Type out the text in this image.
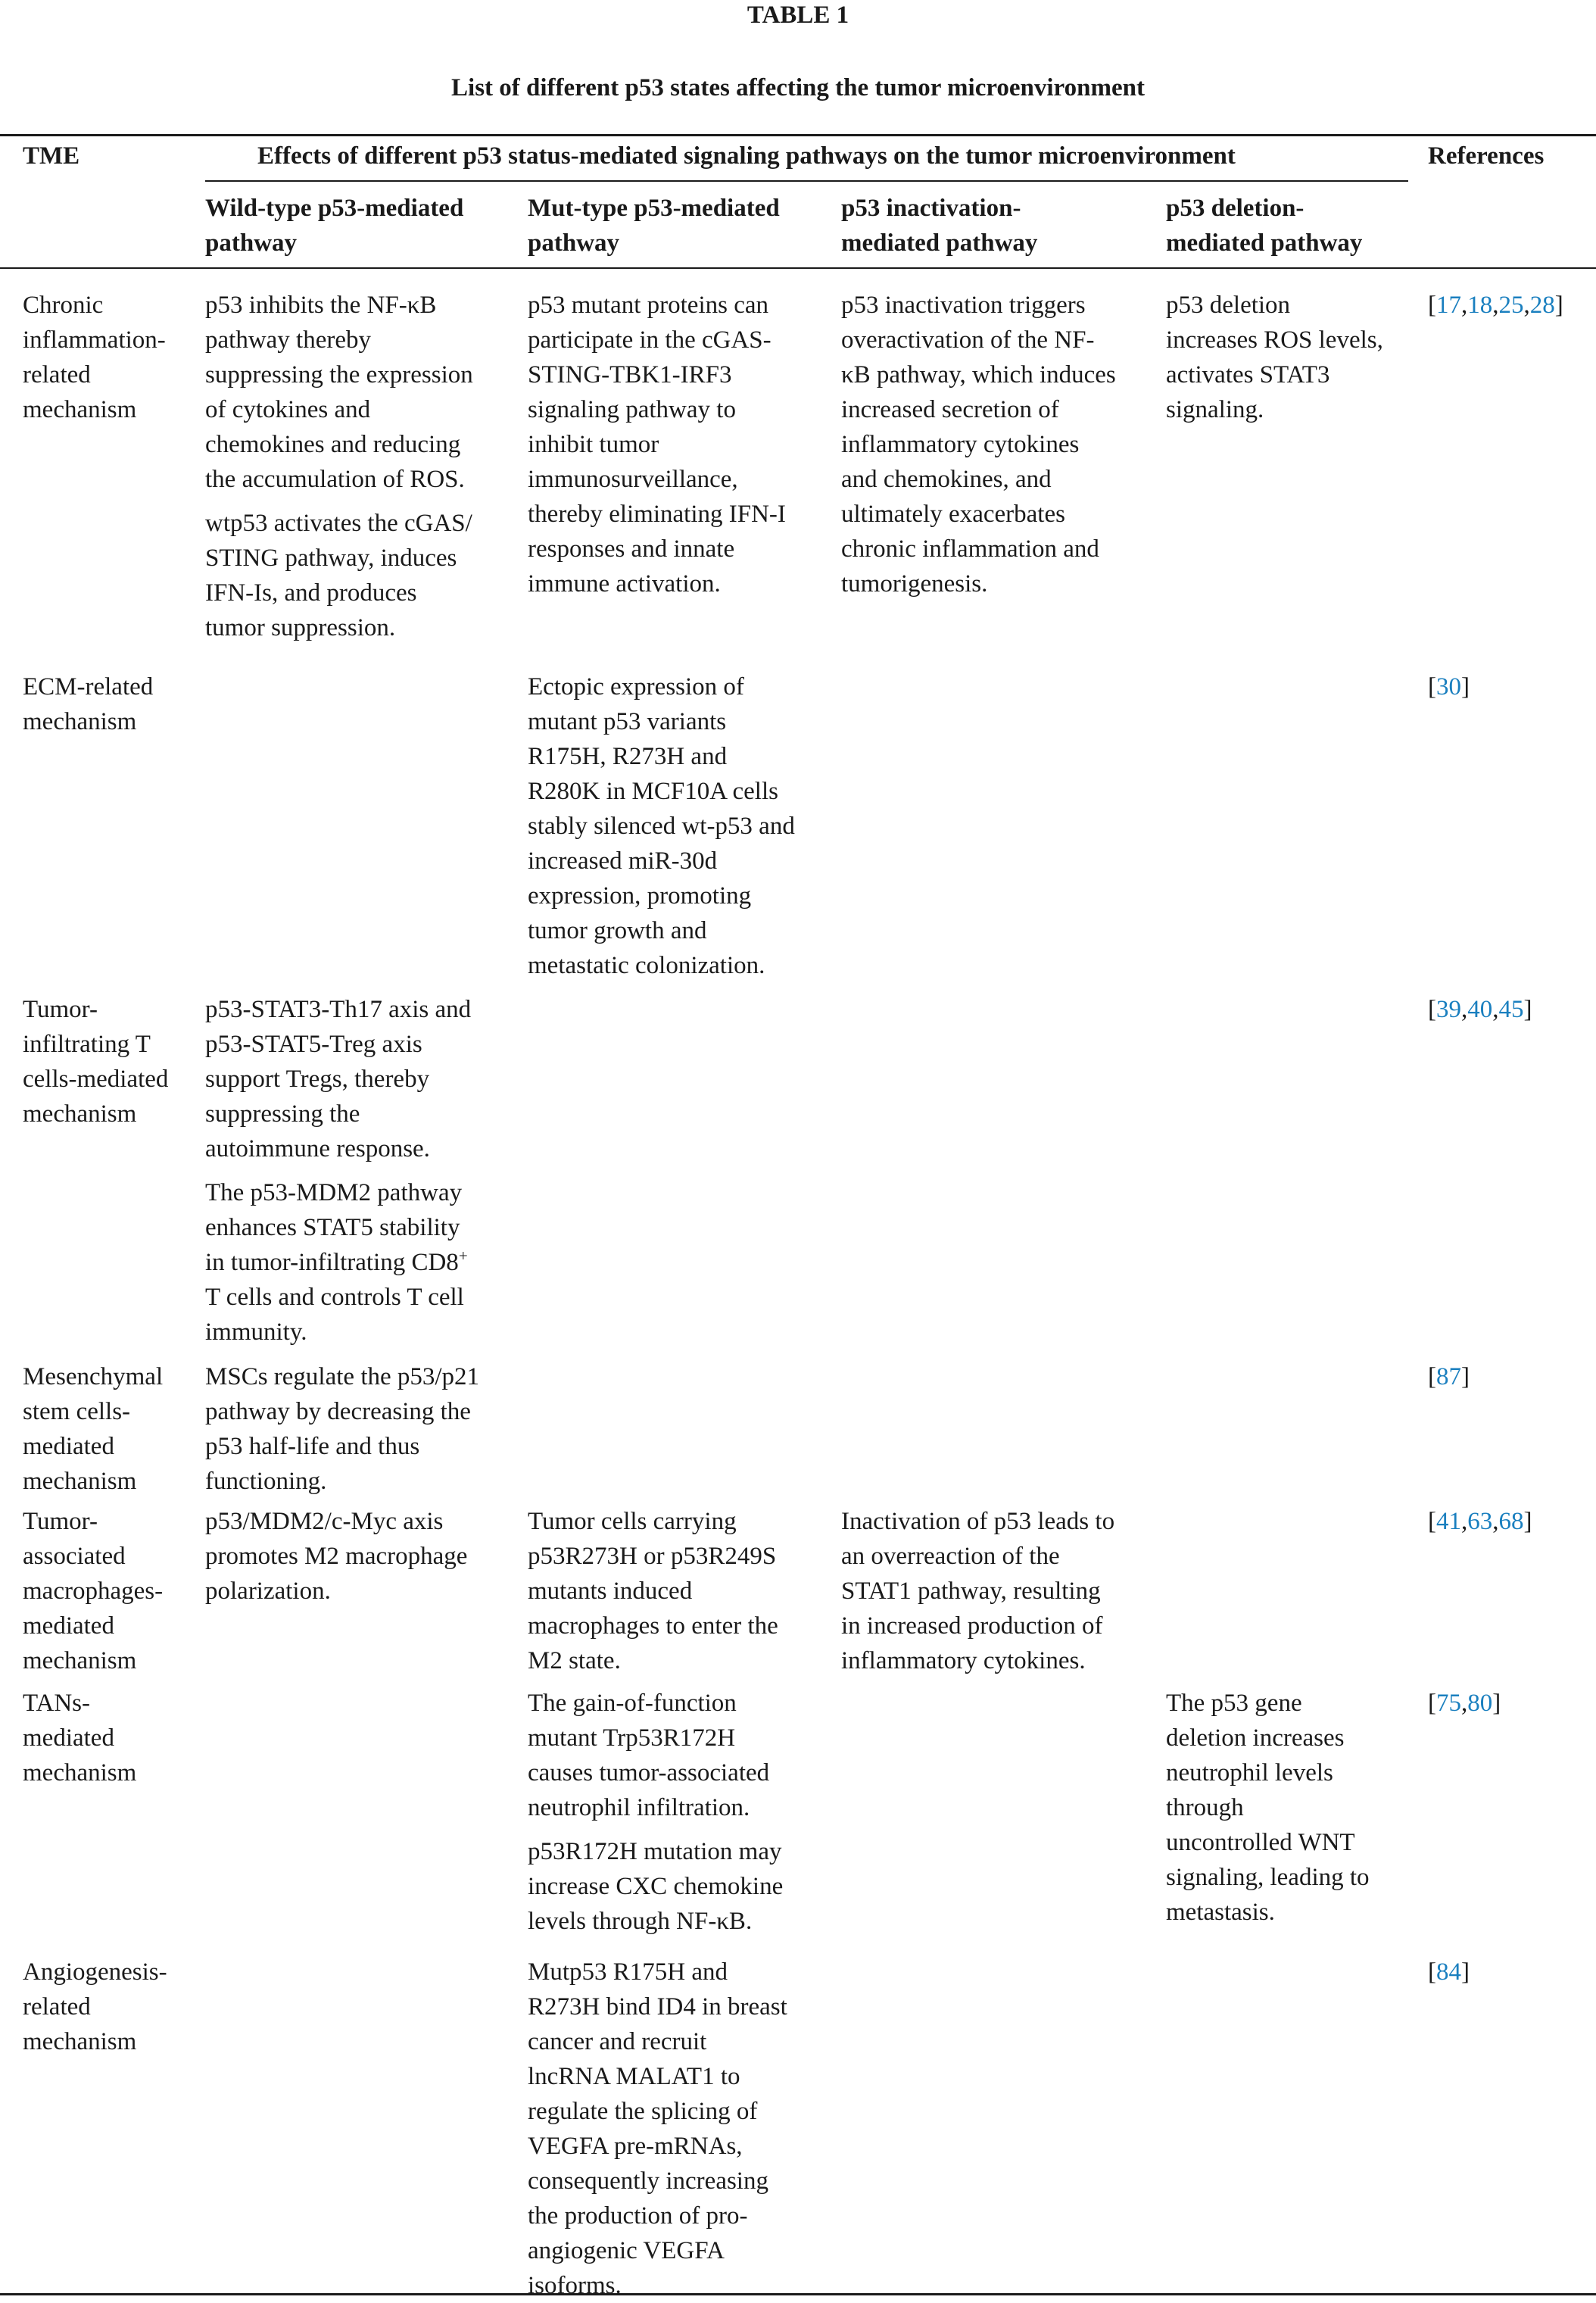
TABLE 1
List of different p53 states affecting the tumor microenvironment
TME	Effects of different p53 status-mediated signaling pathways on the tumor microenvironment	References
Wild-type p53-mediated
pathway
Mut-type p53-mediated
pathway
p53 inactivation-
mediated pathway
p53 deletion-
mediated pathway
Chronic
inflammation-
related
mechanism
p53 inhibits the NF-κB
pathway thereby
suppressing the expression
of cytokines and
chemokines and reducing
the accumulation of ROS.
wtp53 activates the cGAS/
STING pathway, induces
IFN-Is, and produces
tumor suppression.
p53 mutant proteins can
participate in the cGAS-
STING-TBK1-IRF3
signaling pathway to
inhibit tumor
immunosurveillance,
thereby eliminating IFN-I
responses and innate
immune activation.
p53 inactivation triggers
overactivation of the NF-
κB pathway, which induces
increased secretion of
inflammatory cytokines
and chemokines, and
ultimately exacerbates
chronic inflammation and
tumorigenesis.
p53 deletion
increases ROS levels,
activates STAT3
signaling.
[17,18,25,28]
ECM-related
mechanism
Ectopic expression of
mutant p53 variants
R175H, R273H and
R280K in MCF10A cells
stably silenced wt-p53 and
increased miR-30d
expression, promoting
tumor growth and
metastatic colonization.
[30]
Tumor-
infiltrating T
cells-mediated
mechanism
p53-STAT3-Th17 axis and
p53-STAT5-Treg axis
support Tregs, thereby
suppressing the
autoimmune response.
The p53-MDM2 pathway
enhances STAT5 stability
in tumor-infiltrating CD8+
T cells and controls T cell
immunity.
[39,40,45]
Mesenchymal
stem cells-
mediated
mechanism
MSCs regulate the p53/p21
pathway by decreasing the
p53 half-life and thus
functioning.
[87]
Tumor-
associated
macrophages-
mediated
mechanism
p53/MDM2/c-Myc axis
promotes M2 macrophage
polarization.
Tumor cells carrying
p53R273H or p53R249S
mutants induced
macrophages to enter the
M2 state.
Inactivation of p53 leads to
an overreaction of the
STAT1 pathway, resulting
in increased production of
inflammatory cytokines.
[41,63,68]
TANs-
mediated
mechanism
The gain-of-function
mutant Trp53R172H
causes tumor-associated
neutrophil infiltration.
p53R172H mutation may
increase CXC chemokine
levels through NF-κB.
The p53 gene
deletion increases
neutrophil levels
through
uncontrolled WNT
signaling, leading to
metastasis.
[75,80]
Angiogenesis-
related
mechanism
Mutp53 R175H and
R273H bind ID4 in breast
cancer and recruit
lncRNA MALAT1 to
regulate the splicing of
VEGFA pre-mRNAs,
consequently increasing
the production of pro-
angiogenic VEGFA
isoforms.
[84]
